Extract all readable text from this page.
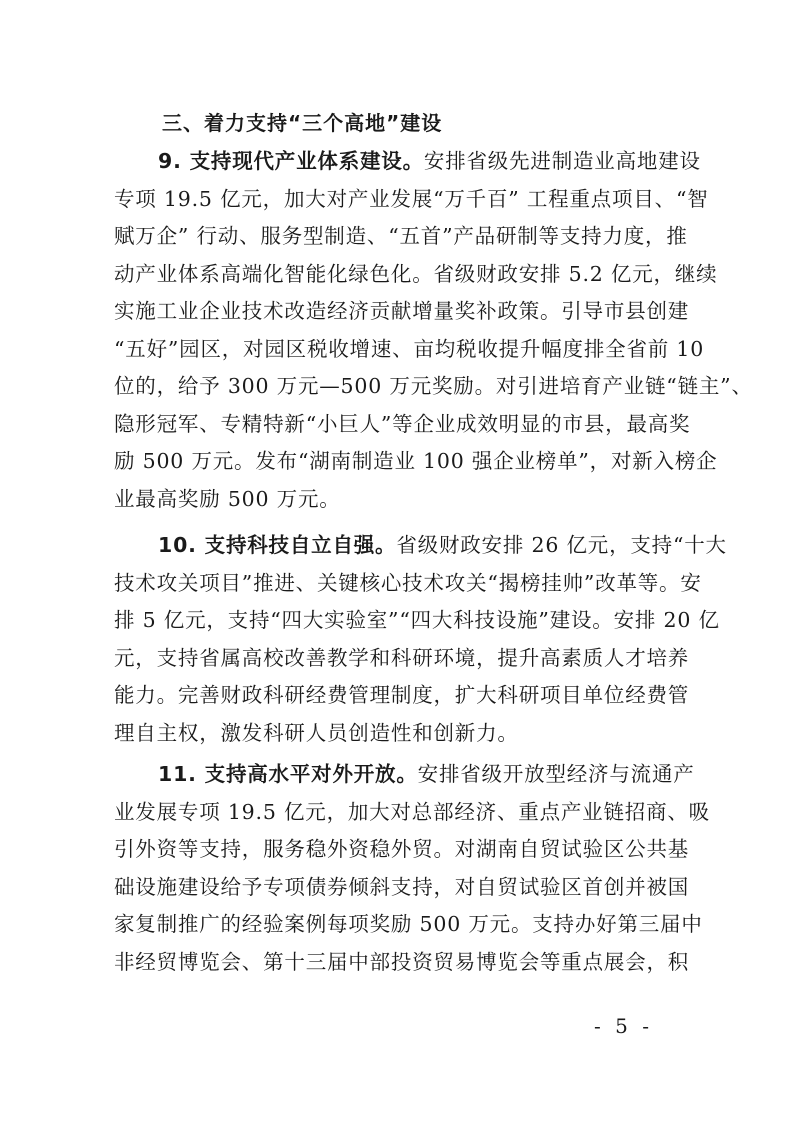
三、着力支持“三个高地”建设
9. 支持现代产业体系建设。安排省级先进制造业高地建设
专项 19.5 亿元，加大对产业发展“万千百” 工程重点项目、“智
赋万企” 行动、服务型制造、“五首”产品研制等支持力度，推
动产业体系高端化智能化绿色化。省级财政安排 5.2 亿元，继续
实施工业企业技术改造经济贡献增量奖补政策。引导市县创建
“五好”园区，对园区税收增速、亩均税收提升幅度排全省前 10
位的，给予 300 万元—500 万元奖励。对引进培育产业链“链主”、
隐形冠军、专精特新“小巨人”等企业成效明显的市县，最高奖
励 500 万元。发布“湖南制造业 100 强企业榜单”，对新入榜企
业最高奖励 500 万元。
10. 支持科技自立自强。省级财政安排 26 亿元，支持“十大
技术攻关项目”推进、关键核心技术攻关“揭榜挂帅”改革等。安
排 5 亿元，支持“四大实验室”“四大科技设施”建设。安排 20 亿
元，支持省属高校改善教学和科研环境，提升高素质人才培养
能力。完善财政科研经费管理制度，扩大科研项目单位经费管
理自主权，激发科研人员创造性和创新力。
11. 支持高水平对外开放。安排省级开放型经济与流通产
业发展专项 19.5 亿元，加大对总部经济、重点产业链招商、吸
引外资等支持，服务稳外资稳外贸。对湖南自贸试验区公共基
础设施建设给予专项债券倾斜支持，对自贸试验区首创并被国
家复制推广的经验案例每项奖励 500 万元。支持办好第三届中
非经贸博览会、第十三届中部投资贸易博览会等重点展会，积
- 5 -
